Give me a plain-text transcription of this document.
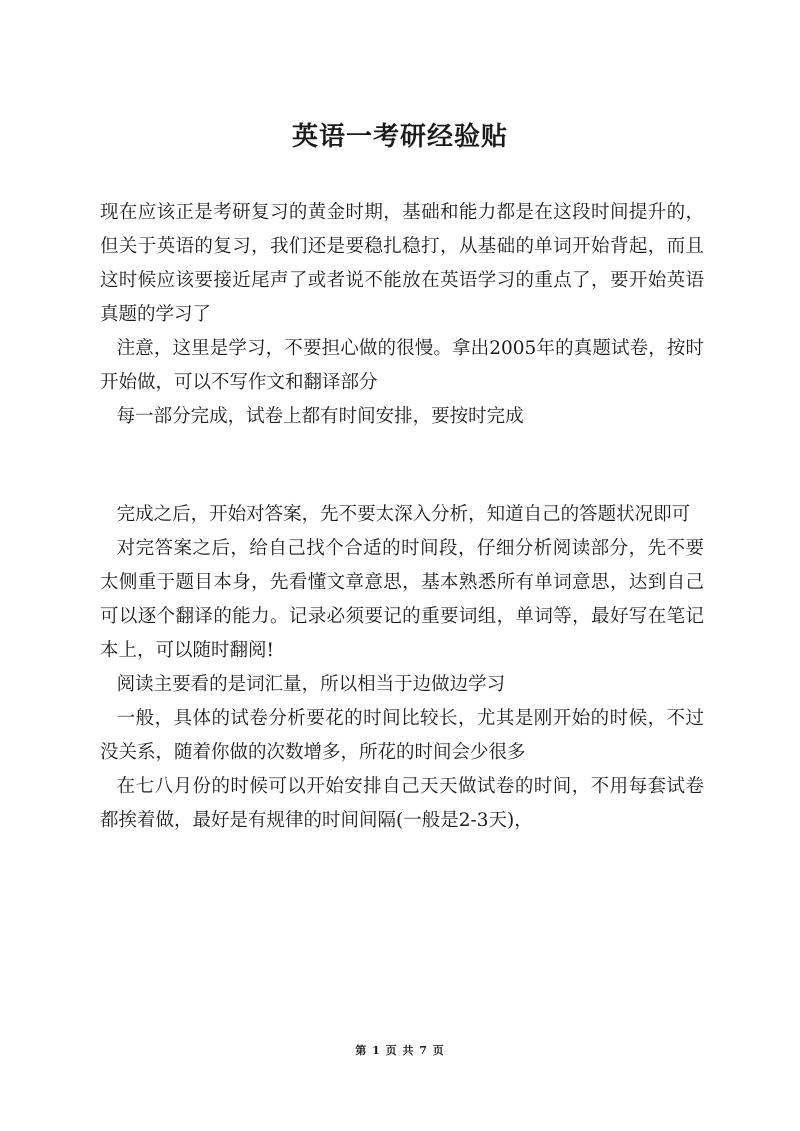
英语一考研经验贴

现在应该正是考研复习的黄金时期，基础和能力都是在这段时间提升的，但关于英语的复习，我们还是要稳扎稳打，从基础的单词开始背起，而且这时候应该要接近尾声了或者说不能放在英语学习的重点了，要开始英语真题的学习了

注意，这里是学习，不要担心做的很慢。拿出2005年的真题试卷，按时开始做，可以不写作文和翻译部分

每一部分完成，试卷上都有时间安排，要按时完成

完成之后，开始对答案，先不要太深入分析，知道自己的答题状况即可

对完答案之后，给自己找个合适的时间段，仔细分析阅读部分，先不要太侧重于题目本身，先看懂文章意思，基本熟悉所有单词意思，达到自己可以逐个翻译的能力。记录必须要记的重要词组，单词等，最好写在笔记本上，可以随时翻阅!

阅读主要看的是词汇量，所以相当于边做边学习

一般，具体的试卷分析要花的时间比较长，尤其是刚开始的时候，不过没关系，随着你做的次数增多，所花的时间会少很多

在七八月份的时候可以开始安排自己天天做试卷的时间，不用每套试卷都挨着做，最好是有规律的时间间隔(一般是2-3天)，

第 1 页 共 7 页
